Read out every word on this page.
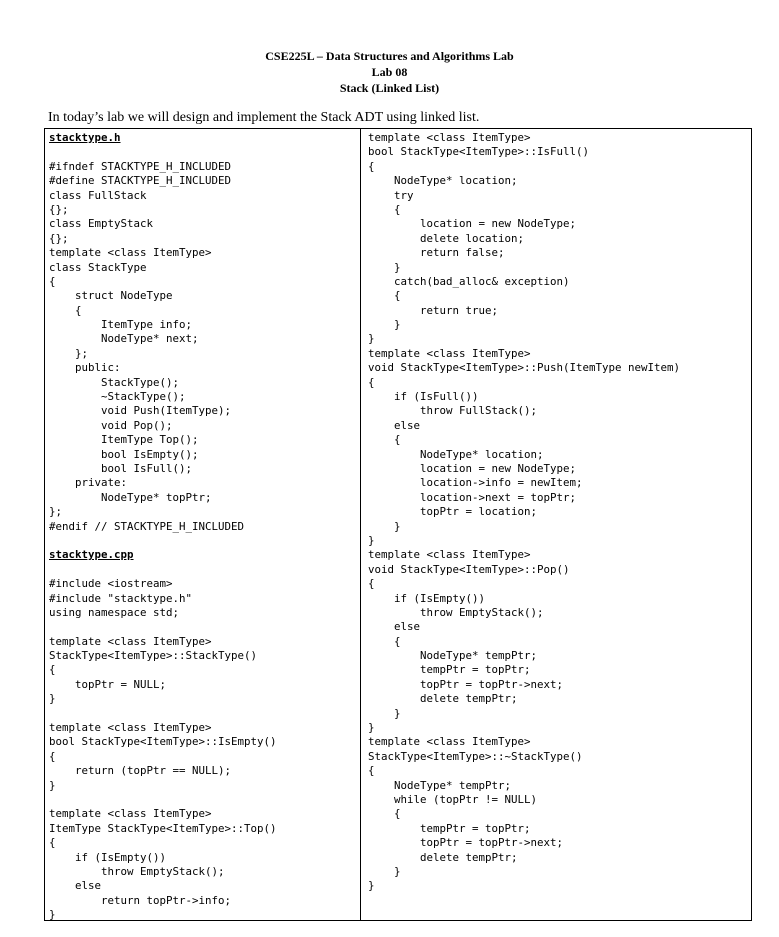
CSE225L – Data Structures and Algorithms Lab
Lab 08
Stack (Linked List)
In today’s lab we will design and implement the Stack ADT using linked list.
stacktype.h
#ifndef STACKTYPE_H_INCLUDED
#define STACKTYPE_H_INCLUDED
class FullStack
{};
class EmptyStack
{};
template <class ItemType>
class StackType
{
struct NodeType
{
ItemType info;
NodeType* next;
};
public:
StackType();
~StackType();
void Push(ItemType);
void Pop();
ItemType Top();
bool IsEmpty();
bool IsFull();
private:
NodeType* topPtr;
};
#endif // STACKTYPE_H_INCLUDED
stacktype.cpp
#include <iostream>
#include "stacktype.h"
using namespace std;
template <class ItemType>
StackType<ItemType>::StackType()
{
topPtr = NULL;
}
template <class ItemType>
bool StackType<ItemType>::IsEmpty()
{
return (topPtr == NULL);
}
template <class ItemType>
ItemType StackType<ItemType>::Top()
{
if (IsEmpty())
throw EmptyStack();
else
return topPtr->info;
}
template <class ItemType>
bool StackType<ItemType>::IsFull()
{
NodeType* location;
try
{
location = new NodeType;
delete location;
return false;
}
catch(bad_alloc& exception)
{
return true;
}
}
template <class ItemType>
void StackType<ItemType>::Push(ItemType newItem)
{
if (IsFull())
throw FullStack();
else
{
NodeType* location;
location = new NodeType;
location->info = newItem;
location->next = topPtr;
topPtr = location;
}
}
template <class ItemType>
void StackType<ItemType>::Pop()
{
if (IsEmpty())
throw EmptyStack();
else
{
NodeType* tempPtr;
tempPtr = topPtr;
topPtr = topPtr->next;
delete tempPtr;
}
}
template <class ItemType>
StackType<ItemType>::~StackType()
{
NodeType* tempPtr;
while (topPtr != NULL)
{
tempPtr = topPtr;
topPtr = topPtr->next;
delete tempPtr;
}
}
